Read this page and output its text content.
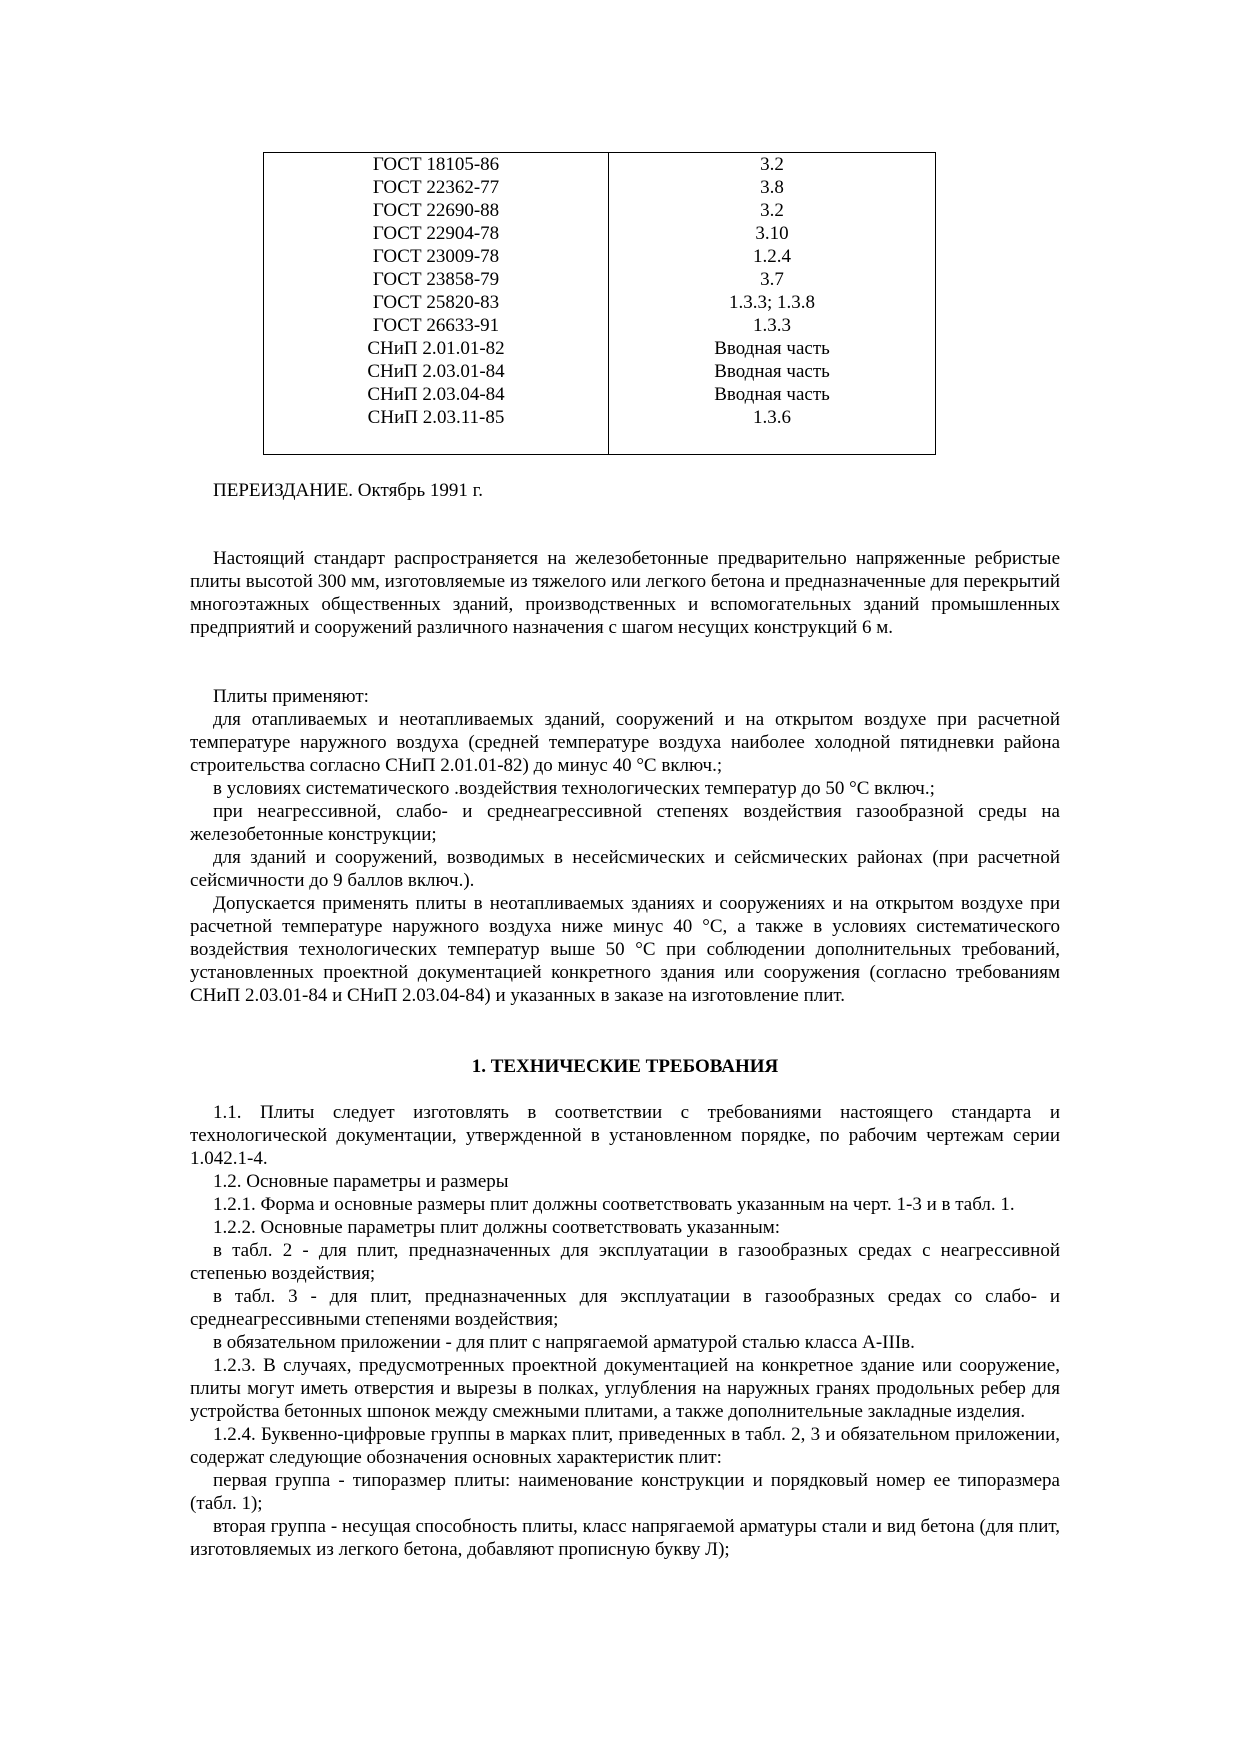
ГОСТ 18105-86
ГОСТ 22362-77
ГОСТ 22690-88
ГОСТ 22904-78
ГОСТ 23009-78
ГОСТ 23858-79
ГОСТ 25820-83
ГОСТ 26633-91
СНиП 2.01.01-82
СНиП 2.03.01-84
СНиП 2.03.04-84
СНиП 2.03.11-85
3.2
3.8
3.2
3.10
1.2.4
3.7
1.3.3; 1.3.8
1.3.3
Вводная часть
Вводная часть
Вводная часть
1.3.6
ПЕРЕИЗДАНИЕ. Октябрь 1991 г.

Настоящий стандарт распространяется на железобетонные предварительно напряженные ребристые плиты высотой 300 мм, изготовляемые из тяжелого или легкого бетона и предназначенные для перекрытий многоэтажных общественных зданий, производственных и вспомогательных зданий промышленных предприятий и сооружений различного назначения с шагом несущих конструкций 6 м.

Плиты применяют:

для отапливаемых и неотапливаемых зданий, сооружений и на открытом воздухе при расчетной температуре наружного воздуха (средней температуре воздуха наиболее холодной пятидневки района строительства согласно СНиП 2.01.01-82) до минус 40 °С включ.;

в условиях систематического .воздействия технологических температур до 50 °С включ.;

при неагрессивной, слабо- и среднеагрессивной степенях воздействия газообразной среды на железобетонные конструкции;

для зданий и сооружений, возводимых в несейсмических и сейсмических районах (при расчетной сейсмичности до 9 баллов включ.).

Допускается применять плиты в неотапливаемых зданиях и сооружениях и на открытом воздухе при расчетной температуре наружного воздуха ниже минус 40 °С, а также в условиях систематического воздействия технологических температур выше 50 °С при соблюдении дополнительных требований, установленных проектной документацией конкретного здания или сооружения (согласно требованиям СНиП 2.03.01-84 и СНиП 2.03.04-84) и указанных в заказе на изготовление плит.

1. ТЕХНИЧЕСКИЕ ТРЕБОВАНИЯ

1.1. Плиты следует изготовлять в соответствии с требованиями настоящего стандарта и технологической документации, утвержденной в установленном порядке, по рабочим чертежам серии 1.042.1-4.

1.2. Основные параметры и размеры

1.2.1. Форма и основные размеры плит должны соответствовать указанным на черт. 1-3 и в табл. 1.

1.2.2. Основные параметры плит должны соответствовать указанным:

в табл. 2 - для плит, предназначенных для эксплуатации в газообразных средах с неагрессивной степенью воздействия;

в табл. 3 - для плит, предназначенных для эксплуатации в газообразных средах со слабо- и среднеагрессивными степенями воздействия;

в обязательном приложении - для плит с напрягаемой арматурой сталью класса А-IIIв.

1.2.3. В случаях, предусмотренных проектной документацией на конкретное здание или сооружение, плиты могут иметь отверстия и вырезы в полках, углубления на наружных гранях продольных ребер для устройства бетонных шпонок между смежными плитами, а также дополнительные закладные изделия.

1.2.4. Буквенно-цифровые группы в марках плит, приведенных в табл. 2, 3 и обязательном приложении, содержат следующие обозначения основных характеристик плит:

первая группа - типоразмер плиты: наименование конструкции и порядковый номер ее типоразмера (табл. 1);

вторая группа - несущая способность плиты, класс напрягаемой арматуры стали и вид бетона (для плит, изготовляемых из легкого бетона, добавляют прописную букву Л);
